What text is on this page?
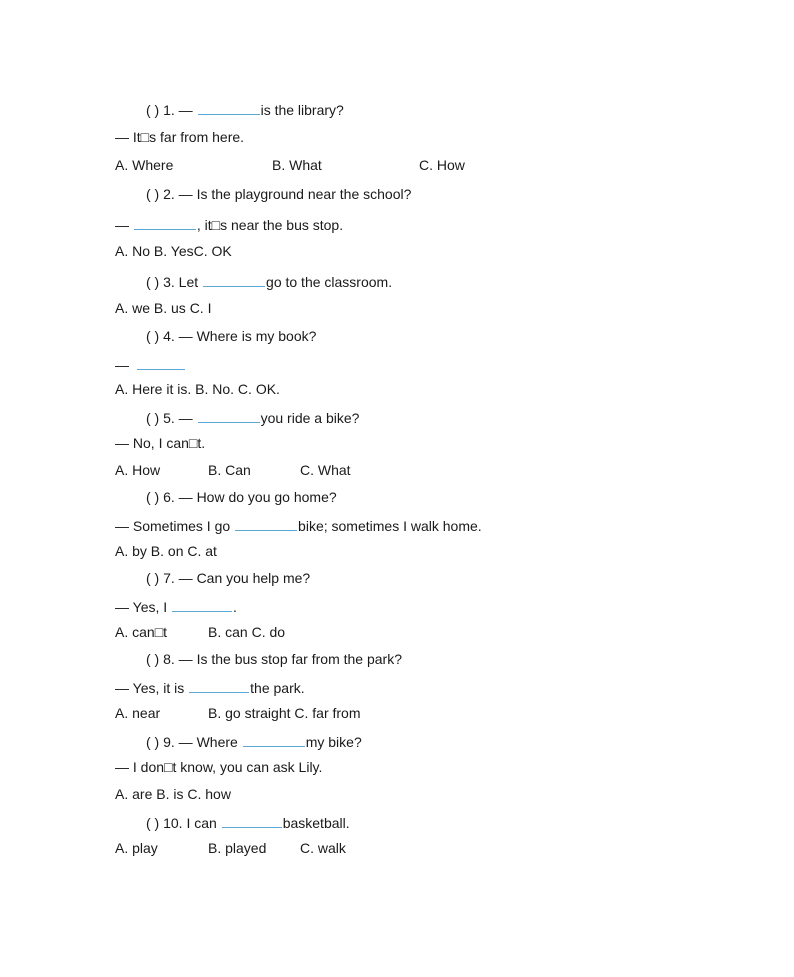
( ) 1. —	is the library?
— It□s far from here.
A. Where	B. What	C. How
( ) 2. — Is the playground near the school?
—	, it□s near the bus stop.
A. No B. YesC. OK
( ) 3. Let	go to the classroom.
A. we B. us C. I
( ) 4. — Where is my book?
—
A. Here it is. B. No. C. OK.
( ) 5. —	you ride a bike?
— No, I can□t.
A. How	B. Can	C. What
( ) 6. — How do you go home?
— Sometimes I go	bike; sometimes I walk home.
A. by B. on C. at
( ) 7. — Can you help me?
— Yes, I	.
A. can□t	B. can C. do
( ) 8. — Is the bus stop far from the park?
— Yes, it is	the park.
A. near	B. go straight C. far from
( ) 9. — Where	my bike?
— I don□t know, you can ask Lily.
A. are B. is C. how
( ) 10. I can	basketball.
A. play	B. played C. walk
